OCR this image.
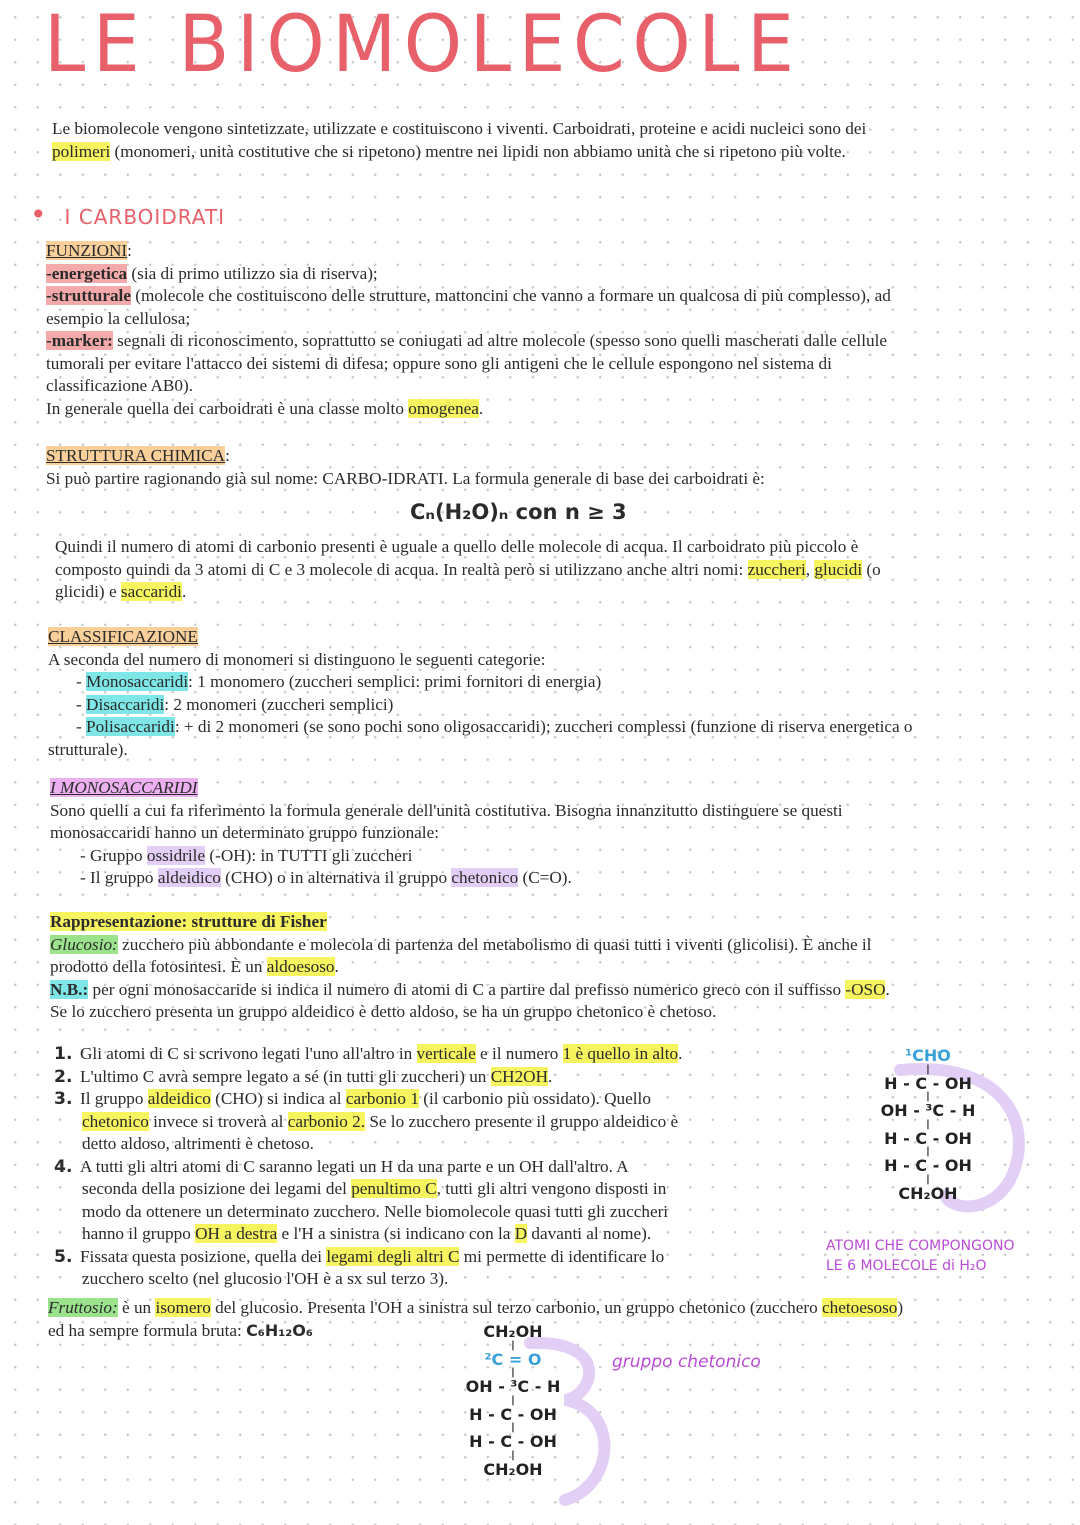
LE BIOMOLECOLE

Le biomolecole vengono sintetizzate, utilizzate e costituiscono i viventi. Carboidrati, proteine e acidi nucleici sono dei

polimeri (monomeri, unità costitutive che si ripetono) mentre nei lipidi non abbiamo unità che si ripetono più volte.

• I CARBOIDRATI

FUNZIONI:

-energetica (sia di primo utilizzo sia di riserva);

-strutturale (molecole che costituiscono delle strutture, mattoncini che vanno a formare un qualcosa di più complesso), ad

esempio la cellulosa;

-marker: segnali di riconoscimento, soprattutto se coniugati ad altre molecole (spesso sono quelli mascherati dalle cellule

tumorali per evitare l'attacco dei sistemi di difesa; oppure sono gli antigeni che le cellule espongono nel sistema di

classificazione AB0).

In generale quella dei carboidrati è una classe molto omogenea.

STRUTTURA CHIMICA:

Si può partire ragionando già sul nome: CARBO-IDRATI. La formula generale di base dei carboidrati è:

Cₙ(H₂O)ₙ con n ≥ 3

Quindi il numero di atomi di carbonio presenti è uguale a quello delle molecole di acqua. Il carboidrato più piccolo è

composto quindi da 3 atomi di C e 3 molecole di acqua. In realtà però si utilizzano anche altri nomi: zuccheri, glucidi (o

glicidi) e saccaridi.

CLASSIFICAZIONE

A seconda del numero di monomeri si distinguono le seguenti categorie:

- Monosaccaridi: 1 monomero (zuccheri semplici: primi fornitori di energia)

- Disaccaridi: 2 monomeri (zuccheri semplici)

- Polisaccaridi: + di 2 monomeri (se sono pochi sono oligosaccaridi); zuccheri complessi (funzione di riserva energetica o

strutturale).

I MONOSACCARIDI

Sono quelli a cui fa riferimento la formula generale dell'unità costitutiva. Bisogna innanzitutto distinguere se questi

monosaccaridi hanno un determinato gruppo funzionale:

- Gruppo ossidrile (-OH): in TUTTI gli zuccheri

- Il gruppo aldeidico (CHO) o in alternativa il gruppo chetonico (C=O).

Rappresentazione: strutture di Fisher

Glucosio: zucchero più abbondante e molecola di partenza del metabolismo di quasi tutti i viventi (glicolisi). È anche il

prodotto della fotosintesi. È un aldoesoso.

N.B.: per ogni monosaccaride si indica il numero di atomi di C a partire dal prefisso numerico greco con il suffisso -OSO.

Se lo zucchero presenta un gruppo aldeidico è detto aldoso, se ha un gruppo chetonico è chetoso.

1. Gli atomi di C si scrivono legati l'uno all'altro in verticale e il numero 1 è quello in alto.

2. L'ultimo C avrà sempre legato a sé (in tutti gli zuccheri) un CH2OH.

3. Il gruppo aldeidico (CHO) si indica al carbonio 1 (il carbonio più ossidato). Quello

chetonico invece si troverà al carbonio 2. Se lo zucchero presente il gruppo aldeidico è

detto aldoso, altrimenti è chetoso.

4. A tutti gli altri atomi di C saranno legati un H da una parte e un OH dall'altro. A

seconda della posizione dei legami del penultimo C, tutti gli altri vengono disposti in

modo da ottenere un determinato zucchero. Nelle biomolecole quasi tutti gli zuccheri

hanno il gruppo OH a destra e l'H a sinistra (si indicano con la D davanti al nome).

5. Fissata questa posizione, quella dei legami degli altri C mi permette di identificare lo

zucchero scelto (nel glucosio l'OH è a sx sul terzo 3).

¹CHO
|
H - C - OH
|
OH - ³C - H
|
H - C - OH
|
H - C - OH
|
CH₂OH
ATOMI CHE COMPONGONO
LE 6 MOLECOLE di H₂O

Fruttosio: è un isomero del glucosio. Presenta l'OH a sinistra sul terzo carbonio, un gruppo chetonico (zucchero chetoesoso)

ed ha sempre formula bruta: C₆H₁₂O₆	CH₂OH
|
²C = O
|
OH - ³C - H
|
H - C - OH
|
H - C - OH
|
CH₂OH
gruppo chetonico
